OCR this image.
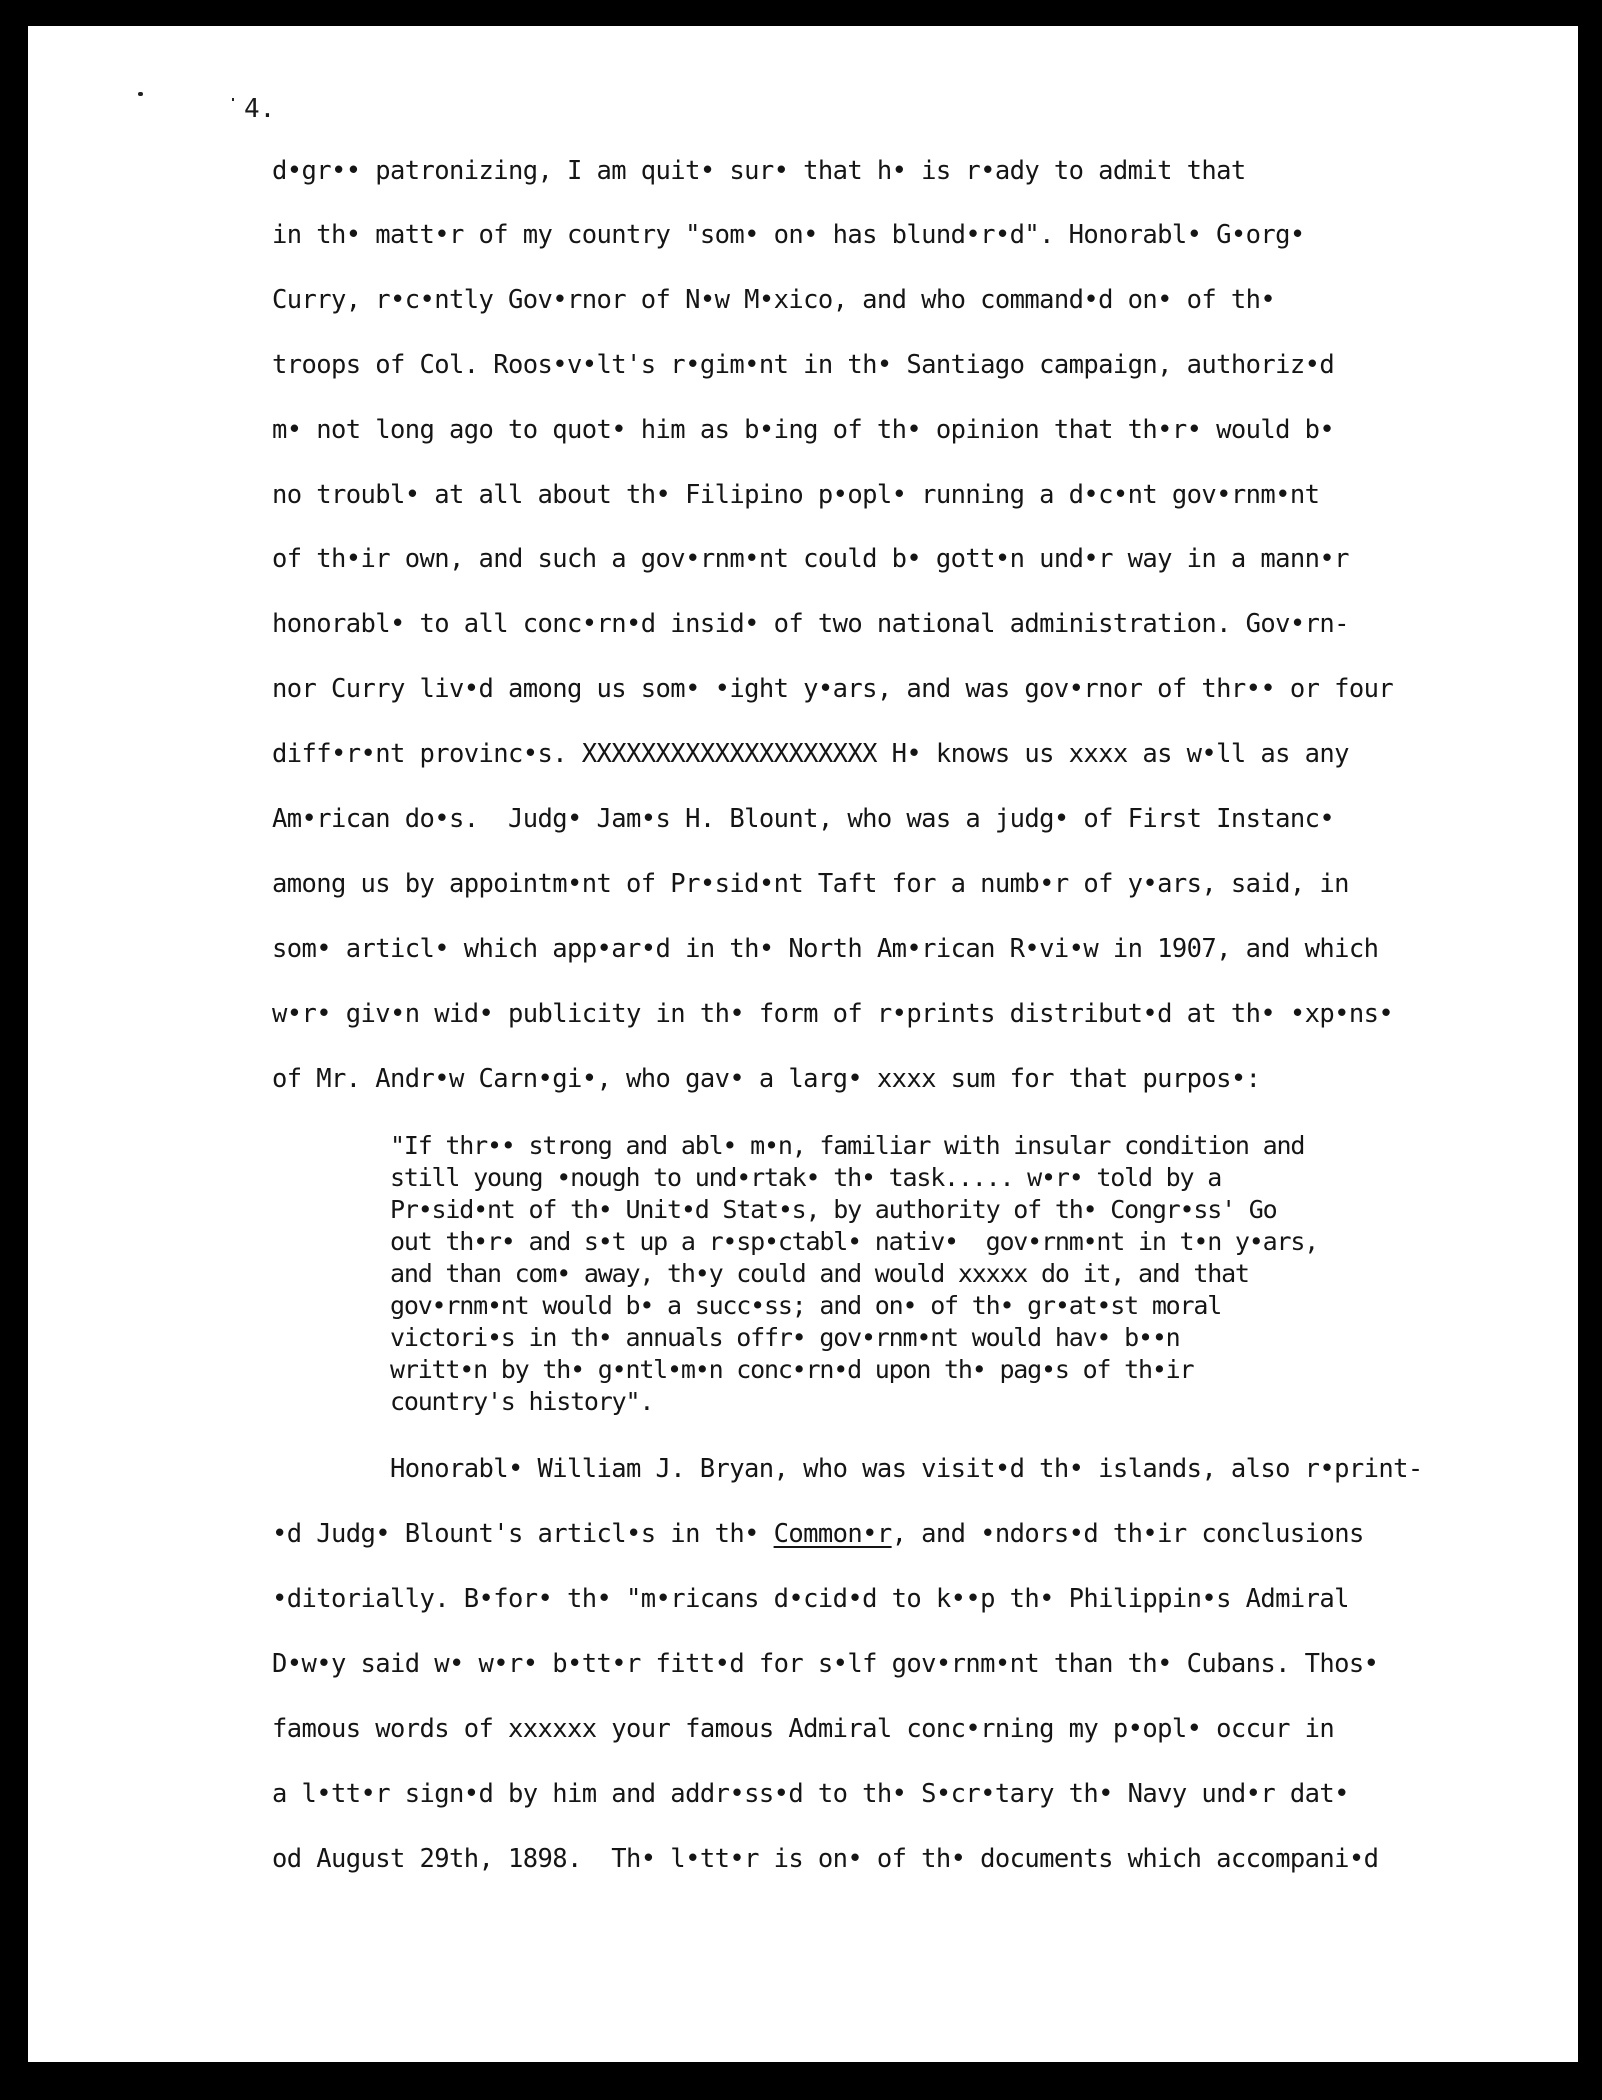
4.
d•gr•• patronizing, I am quit• sur• that h• is r•ady to admit that
in th• matt•r of my country "som• on• has blund•r•d". Honorabl• G•org•
Curry, r•c•ntly Gov•rnor of N•w M•xico, and who command•d on• of th•
troops of Col. Roos•v•lt's r•gim•nt in th• Santiago campaign, authoriz•d
m• not long ago to quot• him as b•ing of th• opinion that th•r• would b•
no troubl• at all about th• Filipino p•opl• running a d•c•nt gov•rnm•nt
of th•ir own, and such a gov•rnm•nt could b• gott•n und•r way in a mann•r
honorabl• to all conc•rn•d insid• of two national administration. Gov•rn-
nor Curry liv•d among us som• •ight y•ars, and was gov•rnor of thr•• or four
diff•r•nt provinc•s. XXXXXXXXXXXXXXXXXXXX H• knows us xxxx as w•ll as any
Am•rican do•s.  Judg• Jam•s H. Blount, who was a judg• of First Instanc•
among us by appointm•nt of Pr•sid•nt Taft for a numb•r of y•ars, said, in
som• articl• which app•ar•d in th• North Am•rican R•vi•w in 1907, and which
w•r• giv•n wid• publicity in th• form of r•prints distribut•d at th• •xp•ns•
of Mr. Andr•w Carn•gi•, who gav• a larg• xxxx sum for that purpos•:
"If thr•• strong and abl• m•n, familiar with insular condition and
still young •nough to und•rtak• th• task..... w•r• told by a
Pr•sid•nt of th• Unit•d Stat•s, by authority of th• Congr•ss' Go
out th•r• and s•t up a r•sp•ctabl• nativ•  gov•rnm•nt in t•n y•ars,
and than com• away, th•y could and would xxxxx do it, and that
gov•rnm•nt would b• a succ•ss; and on• of th• gr•at•st moral
victori•s in th• annuals offr• gov•rnm•nt would hav• b••n
writt•n by th• g•ntl•m•n conc•rn•d upon th• pag•s of th•ir
country's history".
Honorabl• William J. Bryan, who was visit•d th• islands, also r•print-
•d Judg• Blount's articl•s in th• Common•r, and •ndors•d th•ir conclusions
•ditorially. B•for• th• "m•ricans d•cid•d to k••p th• Philippin•s Admiral
D•w•y said w• w•r• b•tt•r fitt•d for s•lf gov•rnm•nt than th• Cubans. Thos•
famous words of xxxxxx your famous Admiral conc•rning my p•opl• occur in
a l•tt•r sign•d by him and addr•ss•d to th• S•cr•tary th• Navy und•r dat•
od August 29th, 1898.  Th• l•tt•r is on• of th• documents which accompani•d
